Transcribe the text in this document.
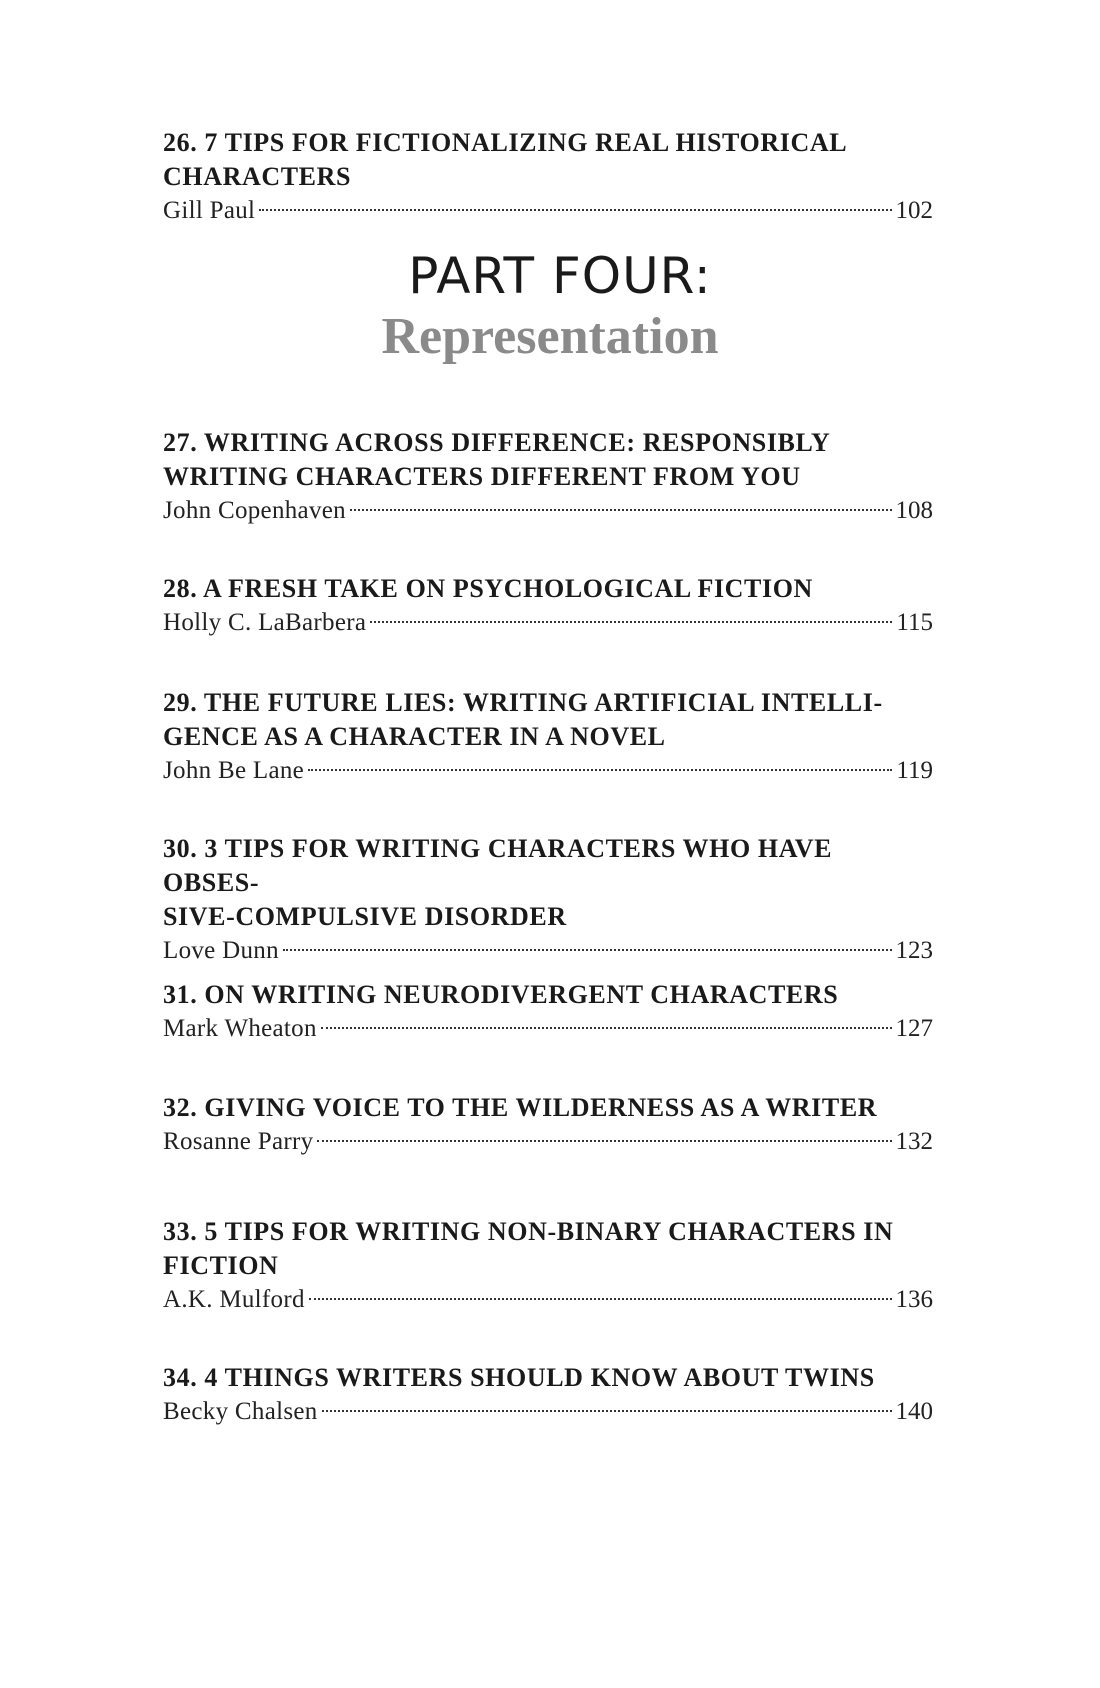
26. 7 TIPS FOR FICTIONALIZING REAL HISTORICAL
CHARACTERS
Gill Paul	102
PART FOUR:
Representation
27. WRITING ACROSS DIFFERENCE: RESPONSIBLY
WRITING CHARACTERS DIFFERENT FROM YOU
John Copenhaven	108
28. A FRESH TAKE ON PSYCHOLOGICAL FICTION
Holly C. LaBarbera	115
29. THE FUTURE LIES: WRITING ARTIFICIAL INTELLI-
GENCE AS A CHARACTER IN A NOVEL
John Be Lane	119
30. 3 TIPS FOR WRITING CHARACTERS WHO HAVE OBSES-
SIVE-COMPULSIVE DISORDER
Love Dunn	123
31. ON WRITING NEURODIVERGENT CHARACTERS
Mark Wheaton	127
32. GIVING VOICE TO THE WILDERNESS AS A WRITER
Rosanne Parry	132
33. 5 TIPS FOR WRITING NON-BINARY CHARACTERS IN
FICTION
A.K. Mulford	136
34. 4 THINGS WRITERS SHOULD KNOW ABOUT TWINS
Becky Chalsen	140
